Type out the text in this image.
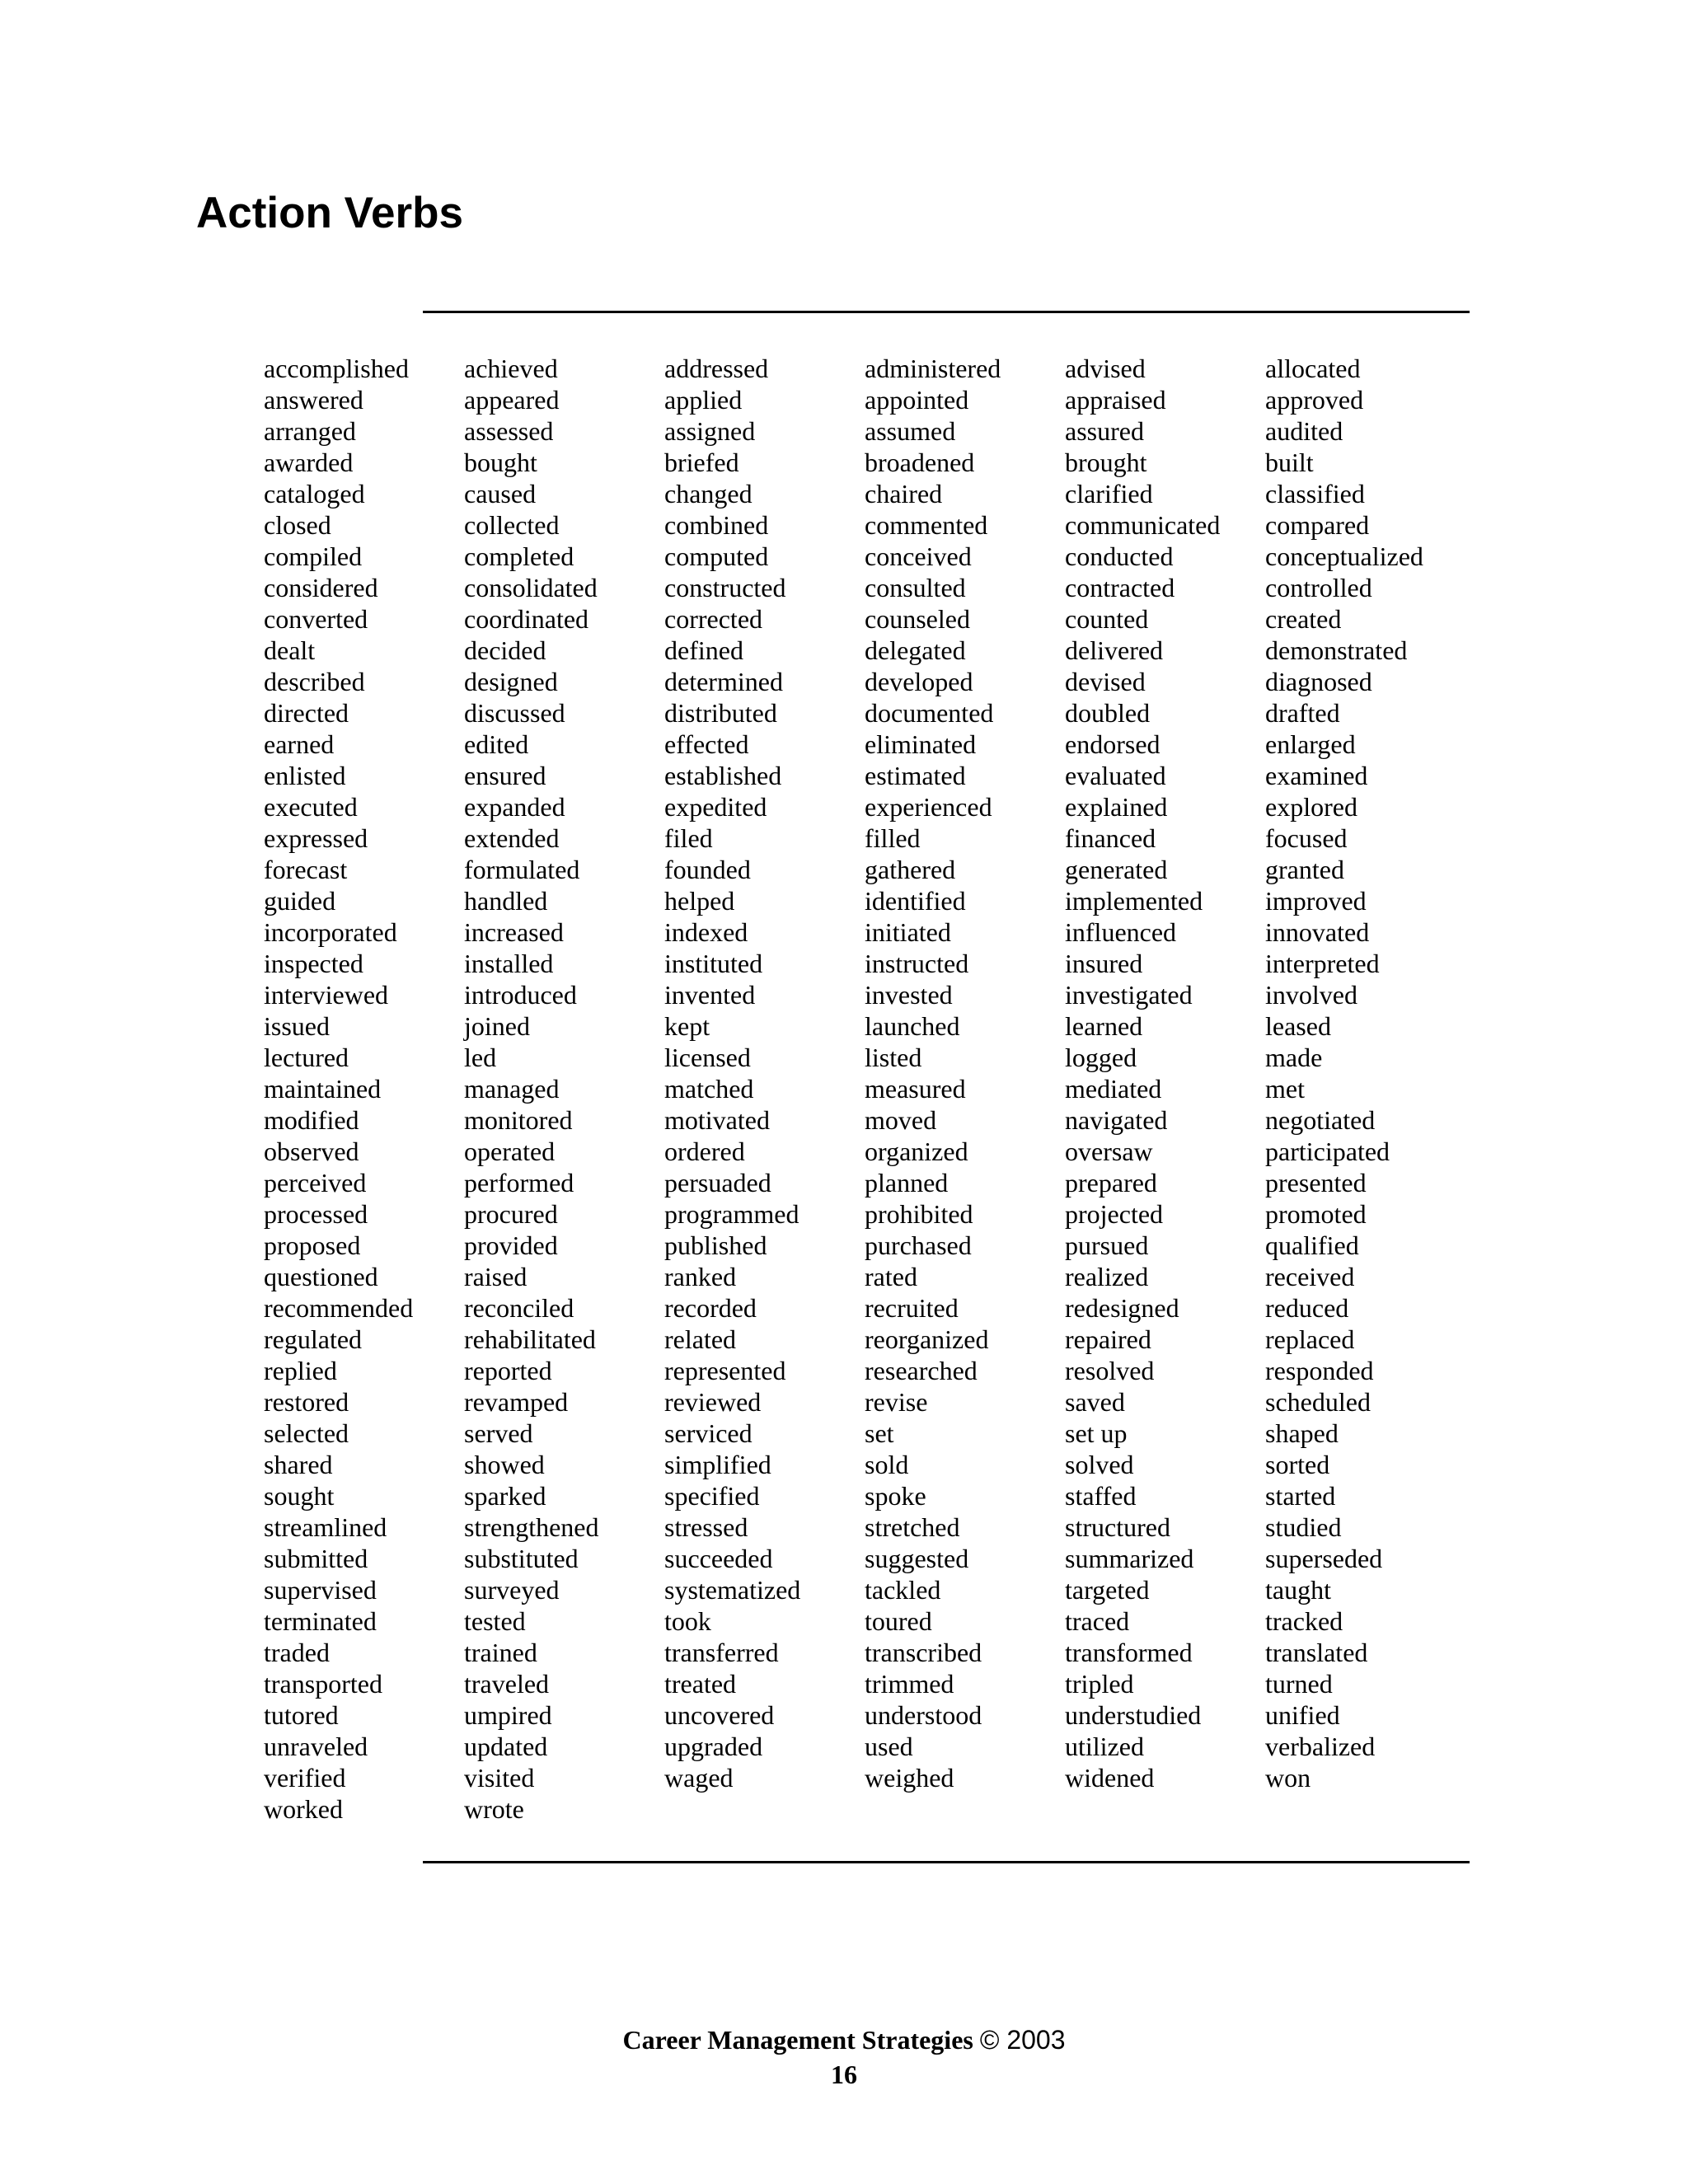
Action Verbs
accomplished
answered
arranged
awarded
cataloged
closed
compiled
considered
converted
dealt
described
directed
earned
enlisted
executed
expressed
forecast
guided
incorporated
inspected
interviewed
issued
lectured
maintained
modified
observed
perceived
processed
proposed
questioned
recommended
regulated
replied
restored
selected
shared
sought
streamlined
submitted
supervised
terminated
traded
transported
tutored
unraveled
verified
worked
achieved
appeared
assessed
bought
caused
collected
completed
consolidated
coordinated
decided
designed
discussed
edited
ensured
expanded
extended
formulated
handled
increased
installed
introduced
joined
led
managed
monitored
operated
performed
procured
provided
raised
reconciled
rehabilitated
reported
revamped
served
showed
sparked
strengthened
substituted
surveyed
tested
trained
traveled
umpired
updated
visited
wrote
addressed
applied
assigned
briefed
changed
combined
computed
constructed
corrected
defined
determined
distributed
effected
established
expedited
filed
founded
helped
indexed
instituted
invented
kept
licensed
matched
motivated
ordered
persuaded
programmed
published
ranked
recorded
related
represented
reviewed
serviced
simplified
specified
stressed
succeeded
systematized
took
transferred
treated
uncovered
upgraded
waged
administered
appointed
assumed
broadened
chaired
commented
conceived
consulted
counseled
delegated
developed
documented
eliminated
estimated
experienced
filled
gathered
identified
initiated
instructed
invested
launched
listed
measured
moved
organized
planned
prohibited
purchased
rated
recruited
reorganized
researched
revise
set
sold
spoke
stretched
suggested
tackled
toured
transcribed
trimmed
understood
used
weighed
advised
appraised
assured
brought
clarified
communicated
conducted
contracted
counted
delivered
devised
doubled
endorsed
evaluated
explained
financed
generated
implemented
influenced
insured
investigated
learned
logged
mediated
navigated
oversaw
prepared
projected
pursued
realized
redesigned
repaired
resolved
saved
set up
solved
staffed
structured
summarized
targeted
traced
transformed
tripled
understudied
utilized
widened
allocated
approved
audited
built
classified
compared
conceptualized
controlled
created
demonstrated
diagnosed
drafted
enlarged
examined
explored
focused
granted
improved
innovated
interpreted
involved
leased
made
met
negotiated
participated
presented
promoted
qualified
received
reduced
replaced
responded
scheduled
shaped
sorted
started
studied
superseded
taught
tracked
translated
turned
unified
verbalized
won
Career Management Strategies © 2003
16
